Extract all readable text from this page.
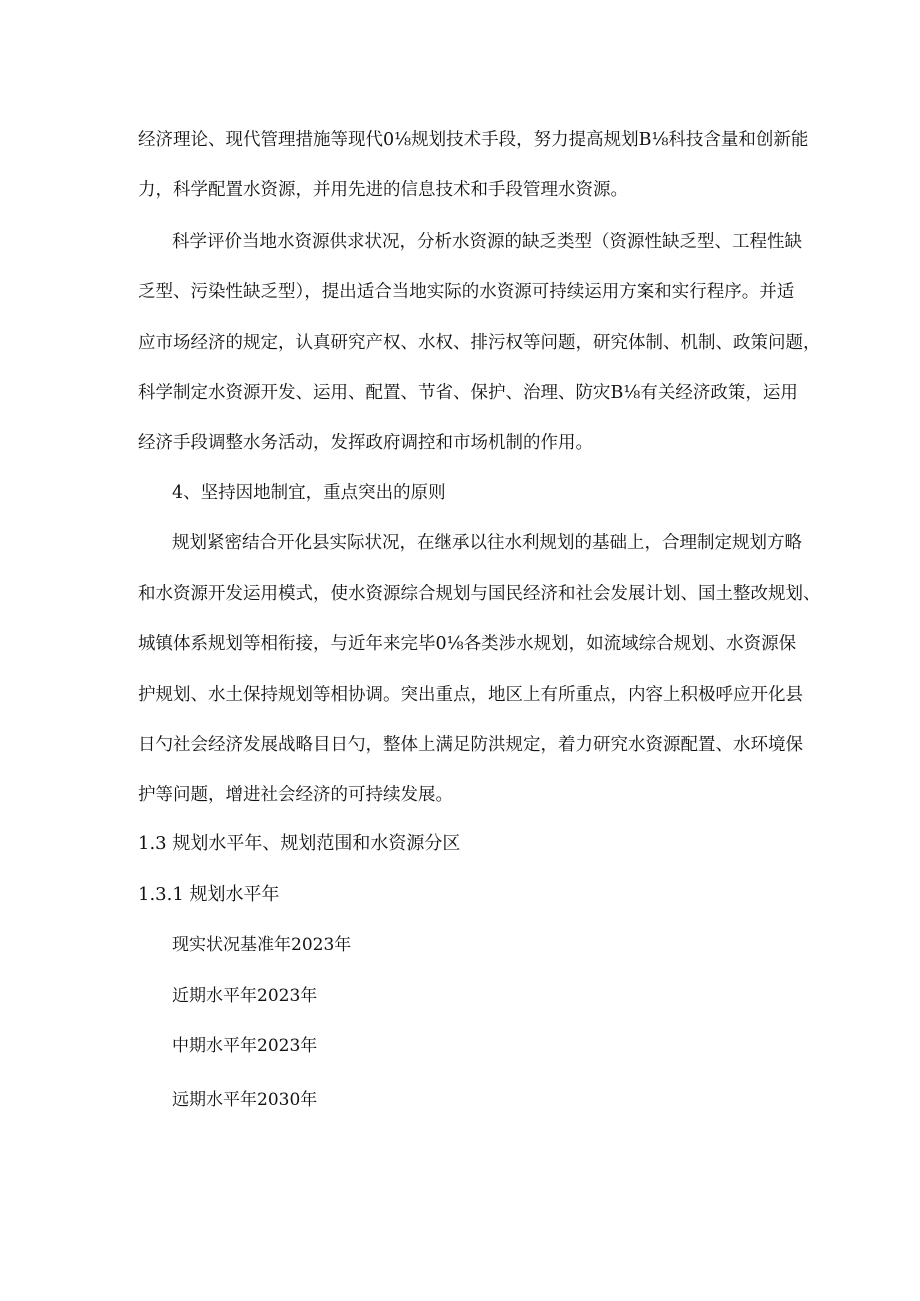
经济理论、现代管理措施等现代0⅛规划技术手段，努力提高规划B⅛科技含量和创新能
力，科学配置水资源，并用先进的信息技术和手段管理水资源。
科学评价当地水资源供求状况，分析水资源的缺乏类型（资源性缺乏型、工程性缺
乏型、污染性缺乏型），提出适合当地实际的水资源可持续运用方案和实行程序。并适
应市场经济的规定，认真研究产权、水权、排污权等问题，研究体制、机制、政策问题，
科学制定水资源开发、运用、配置、节省、保护、治理、防灾B⅛有关经济政策，运用
经济手段调整水务活动，发挥政府调控和市场机制的作用。
4、坚持因地制宜，重点突出的原则
规划紧密结合开化县实际状况，在继承以往水利规划的基础上，合理制定规划方略
和水资源开发运用模式，使水资源综合规划与国民经济和社会发展计划、国土整改规划、
城镇体系规划等相衔接，与近年来完毕0⅛各类涉水规划，如流域综合规划、水资源保
护规划、水土保持规划等相协调。突出重点，地区上有所重点，内容上积极呼应开化县
日勺社会经济发展战略目日勺，整体上满足防洪规定，着力研究水资源配置、水环境保
护等问题，增进社会经济的可持续发展。
1.3 规划水平年、规划范围和水资源分区
1.3.1 规划水平年
现实状况基准年2023年
近期水平年2023年
中期水平年2023年
远期水平年2030年
